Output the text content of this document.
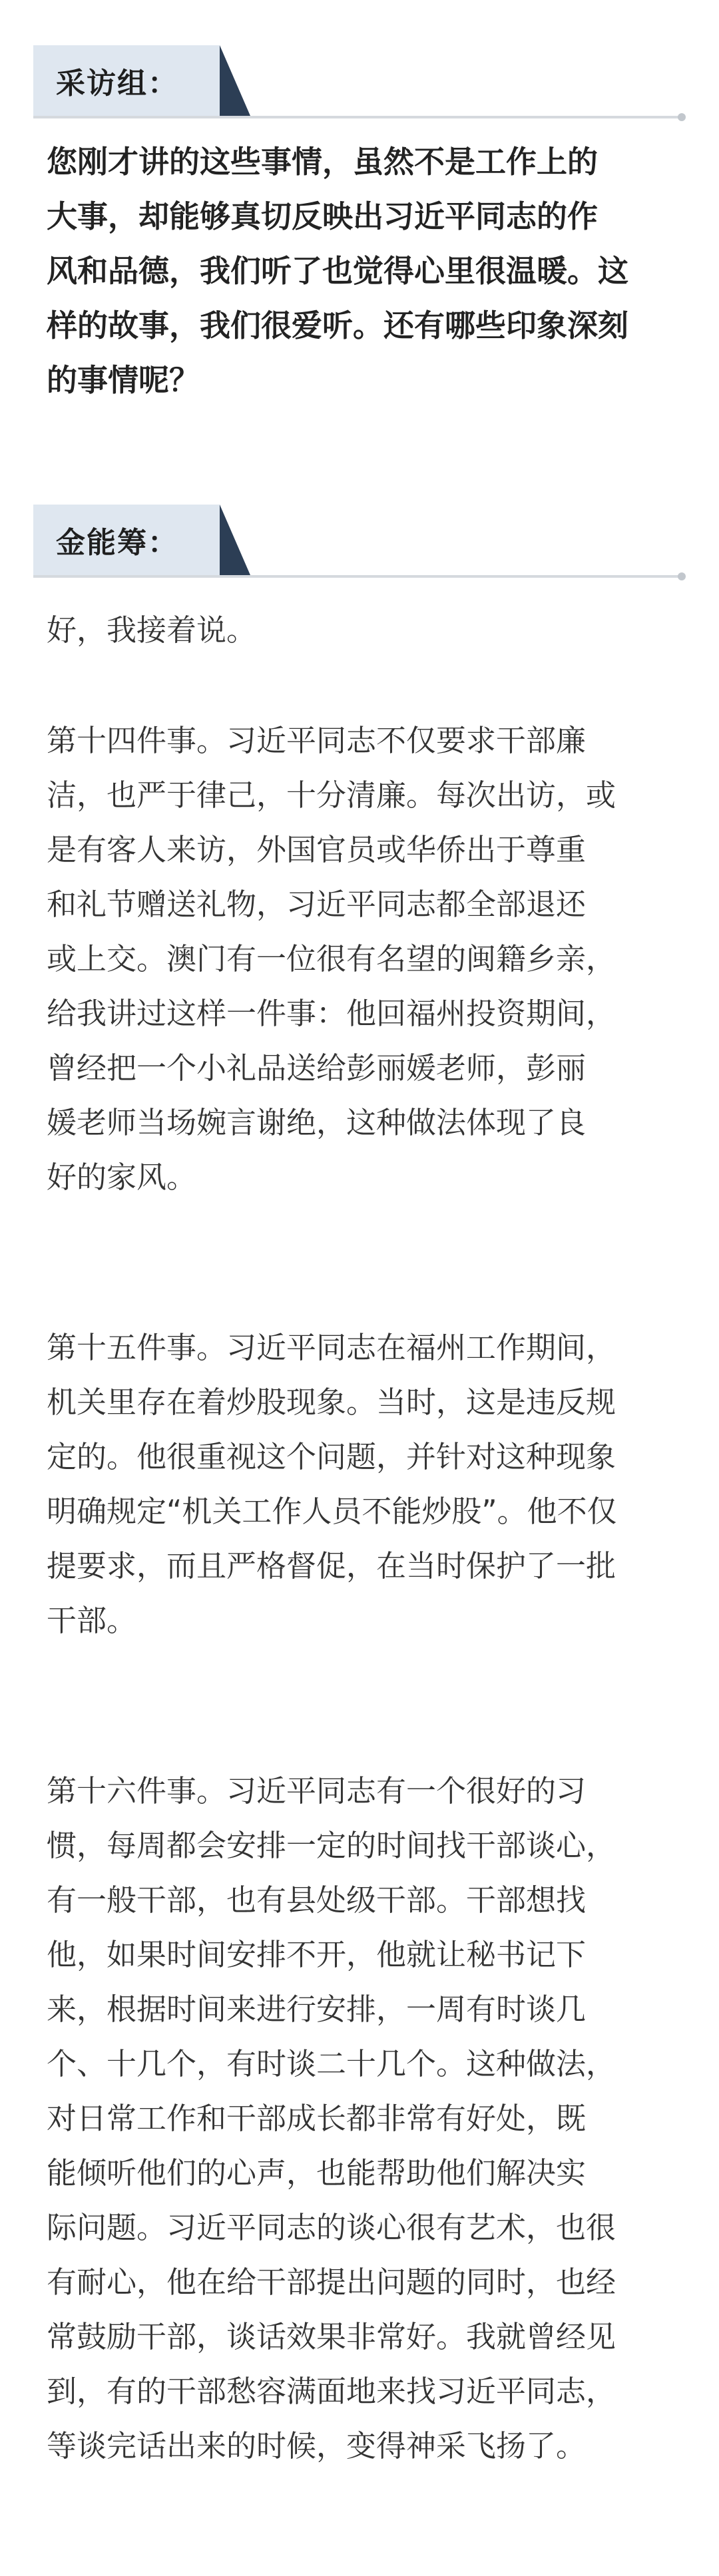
采访组：
您刚才讲的这些事情，虽然不是工作上的
大事，却能够真切反映出习近平同志的作
风和品德，我们听了也觉得心里很温暖。这
样的故事，我们很爱听。还有哪些印象深刻
的事情呢？
金能筹：
好，我接着说。
第十四件事。习近平同志不仅要求干部廉
洁，也严于律己，十分清廉。每次出访，或
是有客人来访，外国官员或华侨出于尊重
和礼节赠送礼物，习近平同志都全部退还
或上交。澳门有一位很有名望的闽籍乡亲，
给我讲过这样一件事：他回福州投资期间，
曾经把一个小礼品送给彭丽媛老师，彭丽
媛老师当场婉言谢绝，这种做法体现了良
好的家风。
第十五件事。习近平同志在福州工作期间，
机关里存在着炒股现象。当时，这是违反规
定的。他很重视这个问题，并针对这种现象
明确规定“机关工作人员不能炒股”。他不仅
提要求，而且严格督促，在当时保护了一批
干部。
第十六件事。习近平同志有一个很好的习
惯，每周都会安排一定的时间找干部谈心，
有一般干部，也有县处级干部。干部想找
他，如果时间安排不开，他就让秘书记下
来，根据时间来进行安排，一周有时谈几
个、十几个，有时谈二十几个。这种做法，
对日常工作和干部成长都非常有好处，既
能倾听他们的心声，也能帮助他们解决实
际问题。习近平同志的谈心很有艺术，也很
有耐心，他在给干部提出问题的同时，也经
常鼓励干部，谈话效果非常好。我就曾经见
到，有的干部愁容满面地来找习近平同志，
等谈完话出来的时候，变得神采飞扬了。
